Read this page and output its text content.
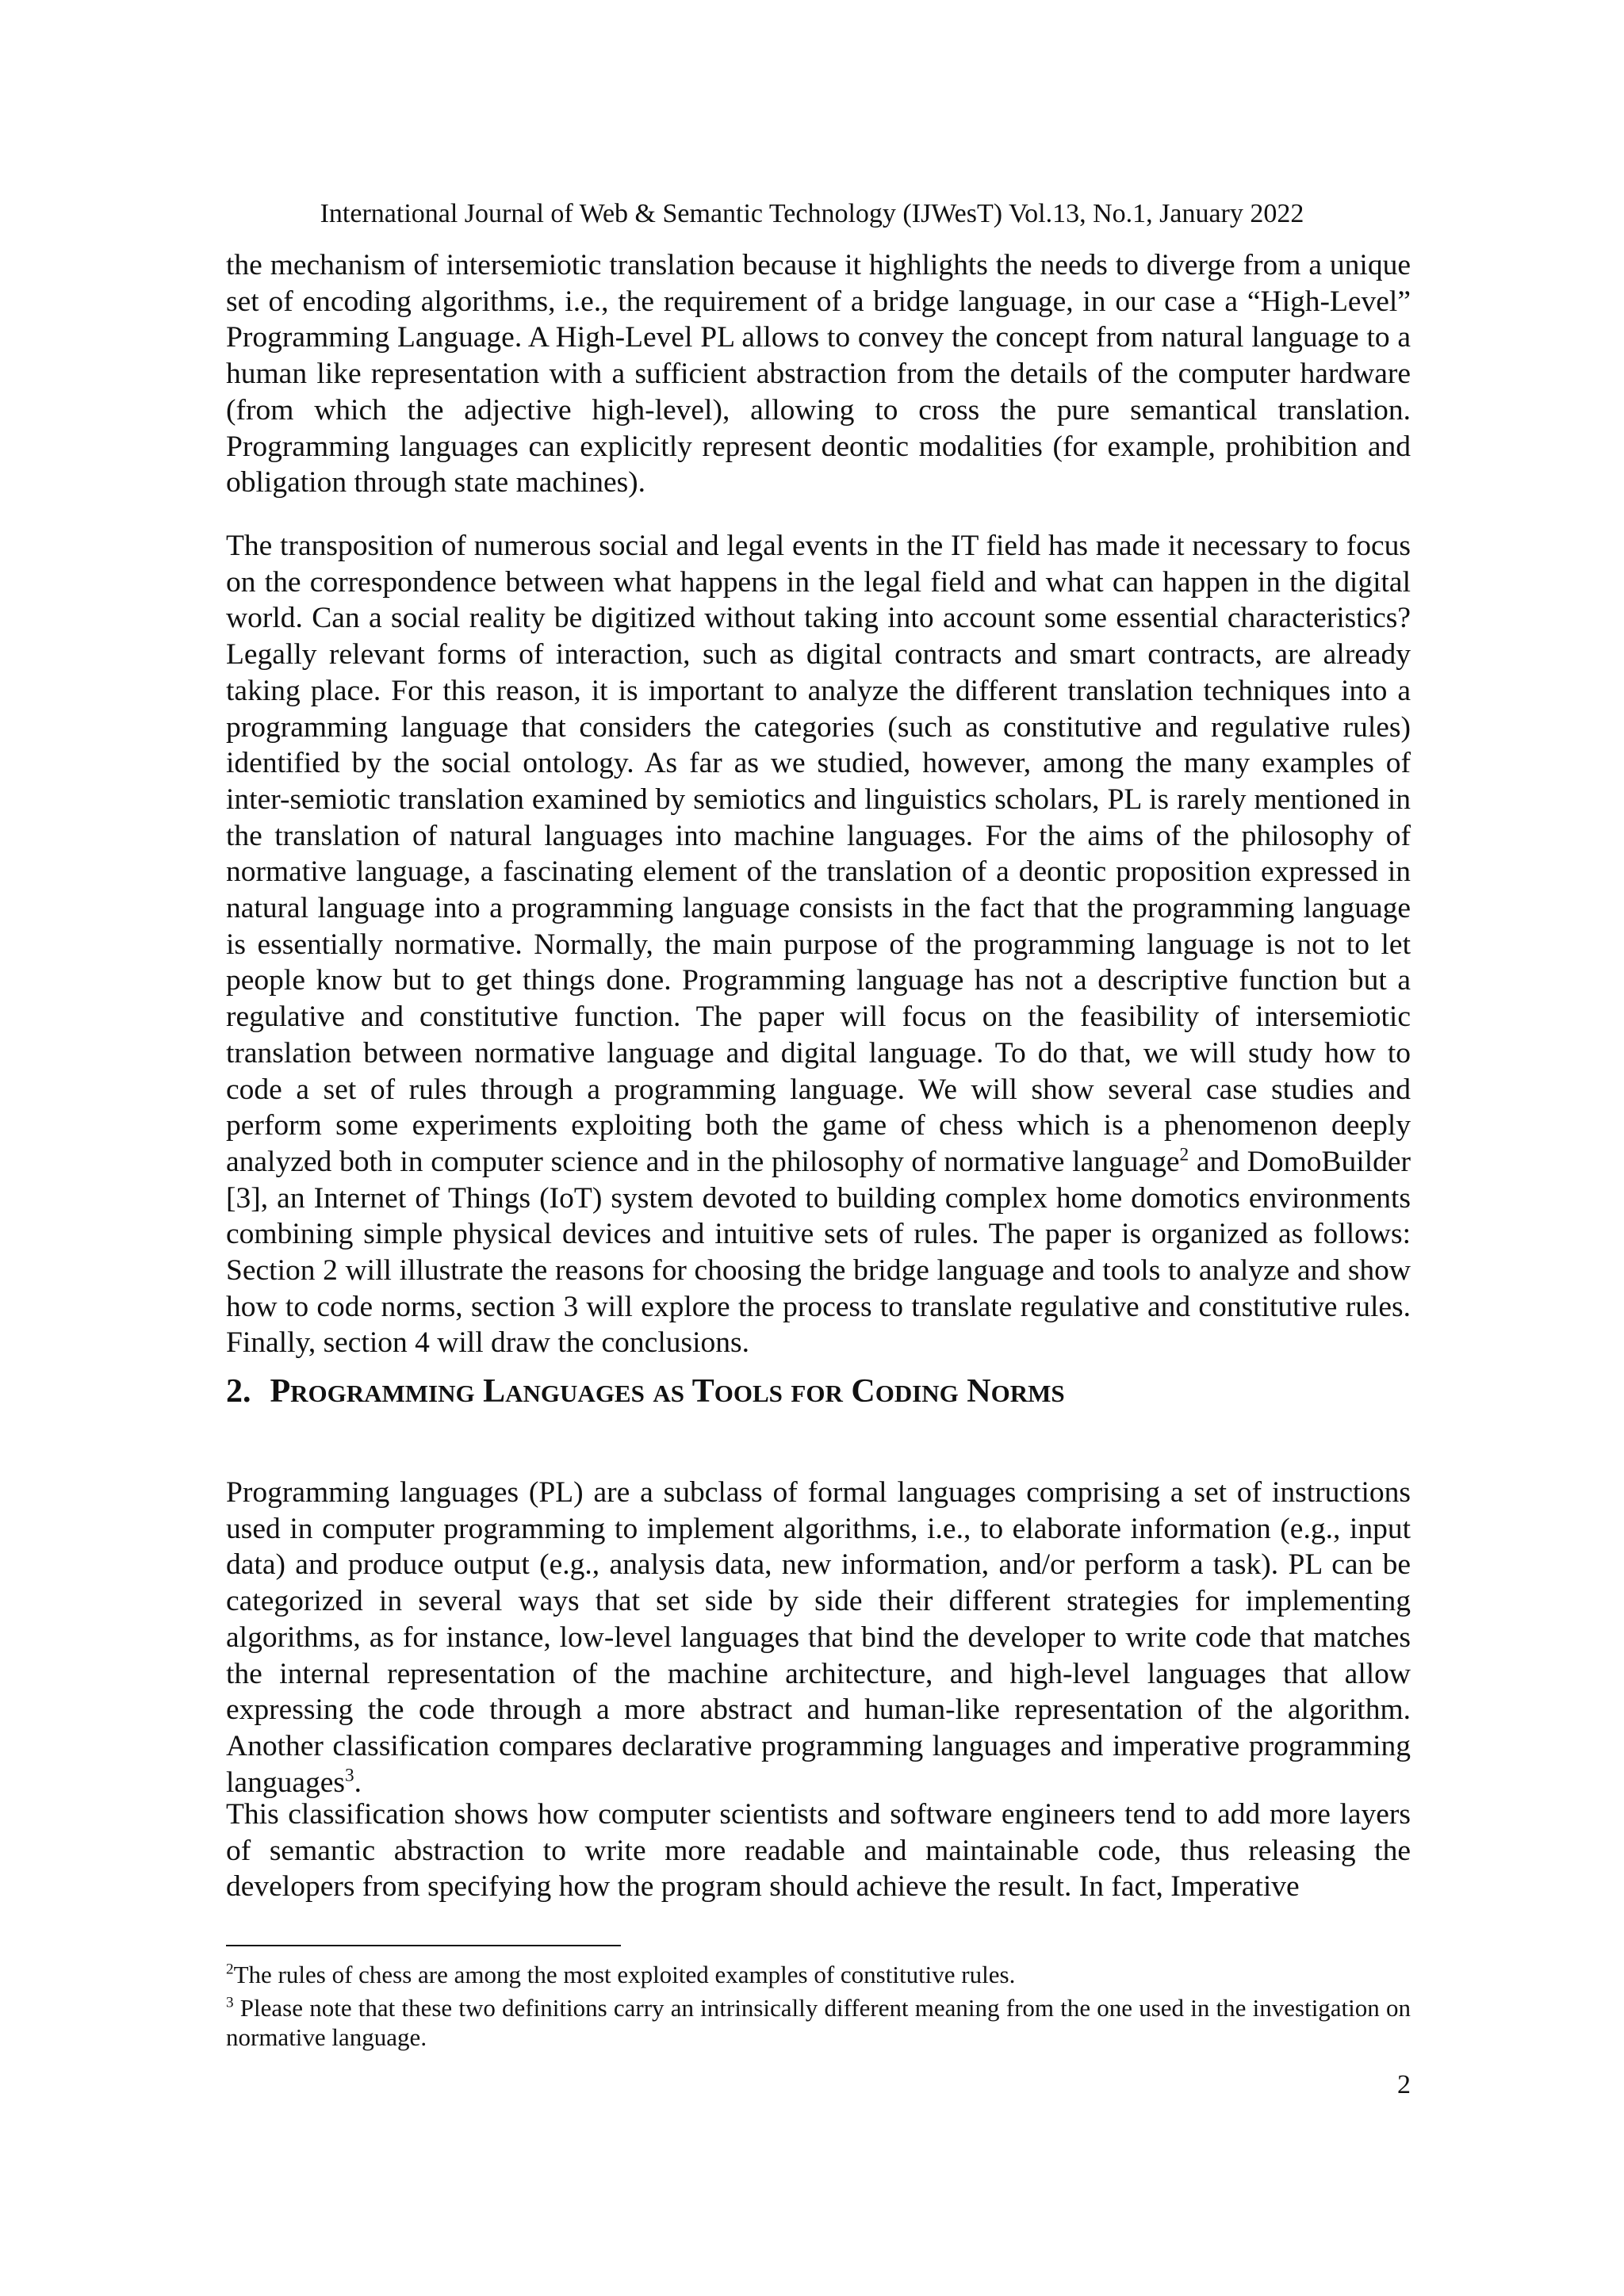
International Journal of Web & Semantic Technology (IJWesT) Vol.13, No.1, January 2022

the mechanism of intersemiotic translation because it highlights the needs to diverge from a unique set of encoding algorithms, i.e., the requirement of a bridge language, in our case a “High-Level” Programming Language. A High-Level PL allows to convey the concept from natural language to a human like representation with a sufficient abstraction from the details of the computer hardware (from which the adjective high-level), allowing to cross the pure semantical translation. Programming languages can explicitly represent deontic modalities (for example, prohibition and obligation through state machines).

The transposition of numerous social and legal events in the IT field has made it necessary to focus on the correspondence between what happens in the legal field and what can happen in the digital world. Can a social reality be digitized without taking into account some essential characteristics? Legally relevant forms of interaction, such as digital contracts and smart contracts, are already taking place. For this reason, it is important to analyze the different translation techniques into a programming language that considers the categories (such as constitutive and regulative rules) identified by the social ontology. As far as we studied, however, among the many examples of inter-semiotic translation examined by semiotics and linguistics scholars, PL is rarely mentioned in the translation of natural languages into machine languages. For the aims of the philosophy of normative language, a fascinating element of the translation of a deontic proposition expressed in natural language into a programming language consists in the fact that the programming language is essentially normative. Normally, the main purpose of the programming language is not to let people know but to get things done. Programming language has not a descriptive function but a regulative and constitutive function. The paper will focus on the feasibility of intersemiotic translation between normative language and digital language. To do that, we will study how to code a set of rules through a programming language. We will show several case studies and perform some experiments exploiting both the game of chess which is a phenomenon deeply analyzed both in computer science and in the philosophy of normative language$^2$ and DomoBuilder [3], an Internet of Things (IoT) system devoted to building complex home domotics environments combining simple physical devices and intuitive sets of rules. The paper is organized as follows: Section 2 will illustrate the reasons for choosing the bridge language and tools to analyze and show how to code norms, section 3 will explore the process to translate regulative and constitutive rules. Finally, section 4 will draw the conclusions.

2. PROGRAMMING LANGUAGES AS TOOLS FOR CODING NORMS

Programming languages (PL) are a subclass of formal languages comprising a set of instructions used in computer programming to implement algorithms, i.e., to elaborate information (e.g., input data) and produce output (e.g., analysis data, new information, and/or perform a task). PL can be categorized in several ways that set side by side their different strategies for implementing algorithms, as for instance, low-level languages that bind the developer to write code that matches the internal representation of the machine architecture, and high-level languages that allow expressing the code through a more abstract and human-like representation of the algorithm. Another classification compares declarative programming languages and imperative programming languages$^3$.

This classification shows how computer scientists and software engineers tend to add more layers of semantic abstraction to write more readable and maintainable code, thus releasing the developers from specifying how the program should achieve the result. In fact, Imperative

$^2$The rules of chess are among the most exploited examples of constitutive rules.

$^3$ Please note that these two definitions carry an intrinsically different meaning from the one used in the investigation on normative language.

2
